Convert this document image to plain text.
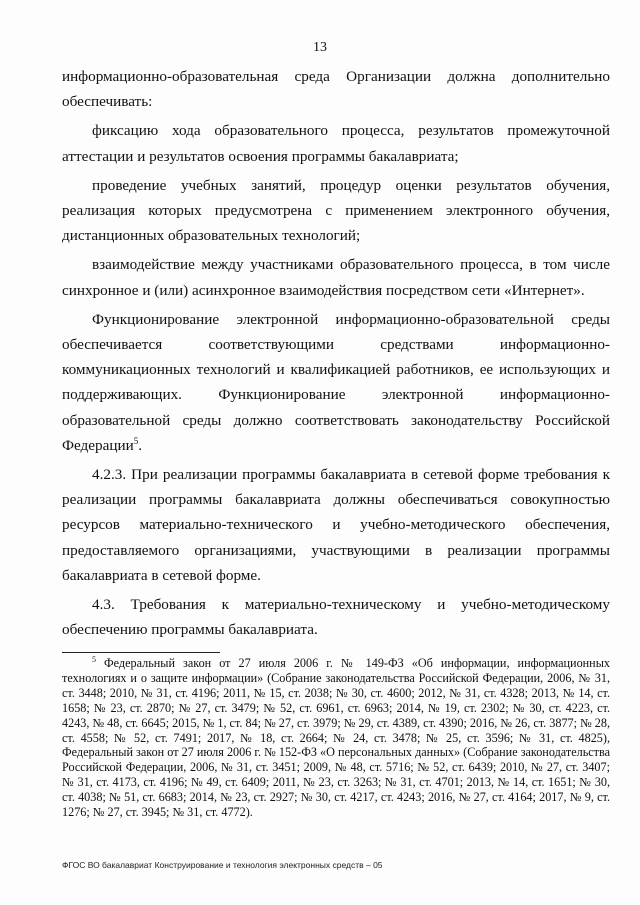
13

информационно-образовательная среда Организации должна дополнительно обеспечивать:

фиксацию хода образовательного процесса, результатов промежуточной аттестации и результатов освоения программы бакалавриата;

проведение учебных занятий, процедур оценки результатов обучения, реализация которых предусмотрена с применением электронного обучения, дистанционных образовательных технологий;

взаимодействие между участниками образовательного процесса, в том числе синхронное и (или) асинхронное взаимодействия посредством сети «Интернет».

Функционирование электронной информационно-образовательной среды обеспечивается соответствующими средствами информационно-коммуникационных технологий и квалификацией работников, ее использующих и поддерживающих. Функционирование электронной информационно-образовательной среды должно соответствовать законодательству Российской Федерации$^5$.

4.2.3. При реализации программы бакалавриата в сетевой форме требования к реализации программы бакалавриата должны обеспечиваться совокупностью ресурсов материально-технического и учебно-методического обеспечения, предоставляемого организациями, участвующими в реализации программы бакалавриата в сетевой форме.

4.3. Требования к материально-техническому и учебно-методическому обеспечению программы бакалавриата.

$^5$ Федеральный закон от 27 июля 2006 г. № 149-ФЗ «Об информации, информационных технологиях и о защите информации» (Собрание законодательства Российской Федерации, 2006, № 31, ст. 3448; 2010, № 31, ст. 4196; 2011, № 15, ст. 2038; № 30, ст. 4600; 2012, № 31, ст. 4328; 2013, № 14, ст. 1658; № 23, ст. 2870; № 27, ст. 3479; № 52, ст. 6961, ст. 6963; 2014, № 19, ст. 2302; № 30, ст. 4223, ст. 4243, № 48, ст. 6645; 2015, № 1, ст. 84; № 27, ст. 3979; № 29, ст. 4389, ст. 4390; 2016, № 26, ст. 3877; № 28, ст. 4558; № 52, ст. 7491; 2017, № 18, ст. 2664; № 24, ст. 3478; № 25, ст. 3596; № 31, ст. 4825), Федеральный закон от 27 июля 2006 г. № 152-ФЗ «О персональных данных» (Собрание законодательства Российской Федерации, 2006, № 31, ст. 3451; 2009, № 48, ст. 5716; № 52, ст. 6439; 2010, № 27, ст. 3407; № 31, ст. 4173, ст. 4196; № 49, ст. 6409; 2011, № 23, ст. 3263; № 31, ст. 4701; 2013, № 14, ст. 1651; № 30, ст. 4038; № 51, ст. 6683; 2014, № 23, ст. 2927; № 30, ст. 4217, ст. 4243; 2016, № 27, ст. 4164; 2017, № 9, ст. 1276; № 27, ст. 3945; № 31, ст. 4772).
ФГОС ВО бакалавриат Конструирование и технология электронных средств – 05
